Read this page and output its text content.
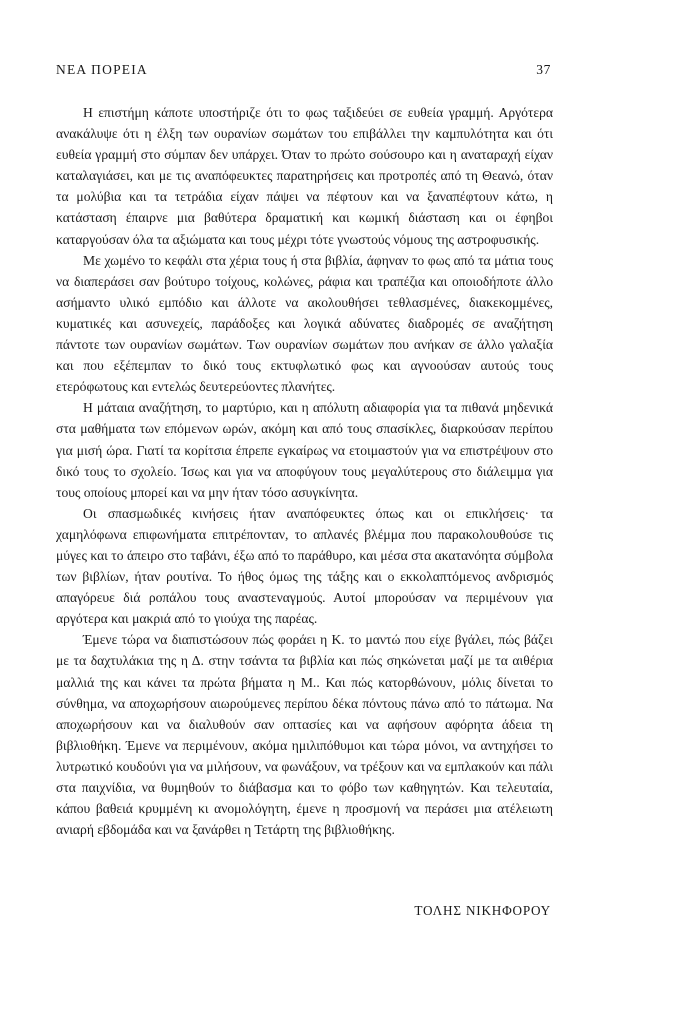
ΝΕΑ ΠΟΡΕΙΑ	37

Η επιστήμη κάποτε υποστήριζε ότι το φως ταξιδεύει σε ευθεία γραμμή. Αργότερα ανακάλυψε ότι η έλξη των ουρανίων σωμάτων του επιβάλλει την καμπυλότητα και ότι ευθεία γραμμή στο σύμπαν δεν υπάρχει. Όταν το πρώτο σούσουρο και η αναταραχή είχαν καταλαγιάσει, και με τις αναπόφευκτες παρατηρήσεις και προτροπές από τη Θεανώ, όταν τα μολύβια και τα τετράδια είχαν πάψει να πέφτουν και να ξαναπέφτουν κάτω, η κατάσταση έπαιρνε μια βαθύτερα δραματική και κωμική διάσταση και οι έφηβοι καταργούσαν όλα τα αξιώματα και τους μέχρι τότε γνωστούς νόμους της αστροφυσικής.

Με χωμένο το κεφάλι στα χέρια τους ή στα βιβλία, άφηναν το φως από τα μάτια τους να διαπεράσει σαν βούτυρο τοίχους, κολώνες, ράφια και τραπέζια και οποιοδήποτε άλλο ασήμαντο υλικό εμπόδιο και άλλοτε να ακολουθήσει τεθλασμένες, διακεκομμένες, κυματικές και ασυνεχείς, παράδοξες και λογικά αδύνατες διαδρομές σε αναζήτηση πάντοτε των ουρανίων σωμάτων. Των ουρανίων σωμάτων που ανήκαν σε άλλο γαλαξία και που εξέπεμπαν το δικό τους εκτυφλωτικό φως και αγνοούσαν αυτούς τους ετερόφωτους και εντελώς δευτερεύοντες πλανήτες.

Η μάταια αναζήτηση, το μαρτύριο, και η απόλυτη αδιαφορία για τα πιθανά μηδενικά στα μαθήματα των επόμενων ωρών, ακόμη και από τους σπασίκλες, διαρκούσαν περίπου για μισή ώρα. Γιατί τα κορίτσια έπρεπε εγκαίρως να ετοιμαστούν για να επιστρέψουν στο δικό τους το σχολείο. Ίσως και για να αποφύγουν τους μεγαλύτερους στο διάλειμμα για τους οποίους μπορεί και να μην ήταν τόσο ασυγκίνητα.

Οι σπασμωδικές κινήσεις ήταν αναπόφευκτες όπως και οι επικλήσεις· τα χαμηλόφωνα επιφωνήματα επιτρέπονταν, το απλανές βλέμμα που παρακολουθούσε τις μύγες και το άπειρο στο ταβάνι, έξω από το παράθυρο, και μέσα στα ακατανόητα σύμβολα των βιβλίων, ήταν ρουτίνα. Το ήθος όμως της τάξης και ο εκκολαπτόμενος ανδρισμός απαγόρευε διά ροπάλου τους αναστεναγμούς. Αυτοί μπορούσαν να περιμένουν για αργότερα και μακριά από το γιούχα της παρέας.

Έμενε τώρα να διαπιστώσουν πώς φοράει η Κ. το μαντώ που είχε βγάλει, πώς βάζει με τα δαχτυλάκια της η Δ. στην τσάντα τα βιβλία και πώς σηκώνεται μαζί με τα αιθέρια μαλλιά της και κάνει τα πρώτα βήματα η Μ.. Και πώς κατορθώνουν, μόλις δίνεται το σύνθημα, να αποχωρήσουν αιωρούμενες περίπου δέκα πόντους πάνω από το πάτωμα. Να αποχωρήσουν και να διαλυθούν σαν οπτασίες και να αφήσουν αφόρητα άδεια τη βιβλιοθήκη. Έμενε να περιμένουν, ακόμα ημιλιπόθυμοι και τώρα μόνοι, να αντηχήσει το λυτρωτικό κουδούνι για να μιλήσουν, να φωνάξουν, να τρέξουν και να εμπλακούν και πάλι στα παιχνίδια, να θυμηθούν το διάβασμα και το φόβο των καθηγητών. Και τελευταία, κάπου βαθειά κρυμμένη κι ανομολόγητη, έμενε η προσμονή να περάσει μια ατέλειωτη ανιαρή εβδομάδα και να ξανάρθει η Τετάρτη της βιβλιοθήκης.

ΤΟΛΗΣ ΝΙΚΗΦΟΡΟΥ
